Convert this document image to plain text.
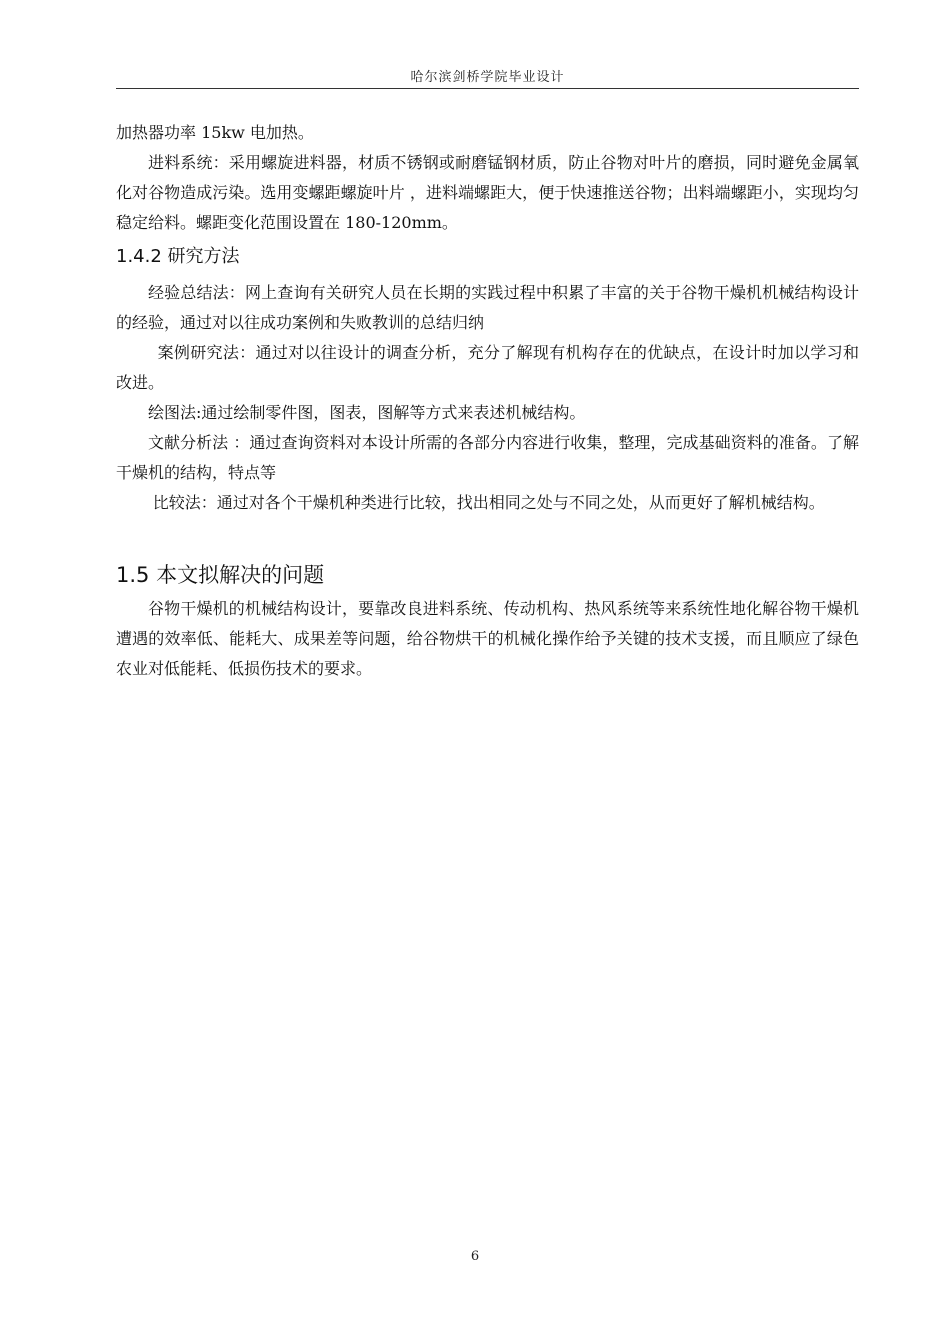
哈尔滨剑桥学院毕业设计

加热器功率 15kw 电加热。

进料系统：采用螺旋进料器，材质不锈钢或耐磨锰钢材质，防止谷物对叶片的磨损，同时避免金属氧化对谷物造成污染。选用变螺距螺旋叶片 ，进料端螺距大，便于快速推送谷物；出料端螺距小，实现均匀稳定给料。螺距变化范围设置在 180-120mm。

1.4.2 研究方法

经验总结法：网上查询有关研究人员在长期的实践过程中积累了丰富的关于谷物干燥机机械结构设计的经验，通过对以往成功案例和失败教训的总结归纳

案例研究法：通过对以往设计的调查分析，充分了解现有机构存在的优缺点，在设计时加以学习和改进。

绘图法:通过绘制零件图，图表，图解等方式来表述机械结构。

文献分析法 ：通过查询资料对本设计所需的各部分内容进行收集，整理，完成基础资料的准备。了解干燥机的结构，特点等

比较法：通过对各个干燥机种类进行比较，找出相同之处与不同之处，从而更好了解机械结构。

1.5 本文拟解决的问题

谷物干燥机的机械结构设计，要靠改良进料系统、传动机构、热风系统等来系统性地化解谷物干燥机遭遇的效率低、能耗大、成果差等问题，给谷物烘干的机械化操作给予关键的技术支援，而且顺应了绿色农业对低能耗、低损伤技术的要求。

6
